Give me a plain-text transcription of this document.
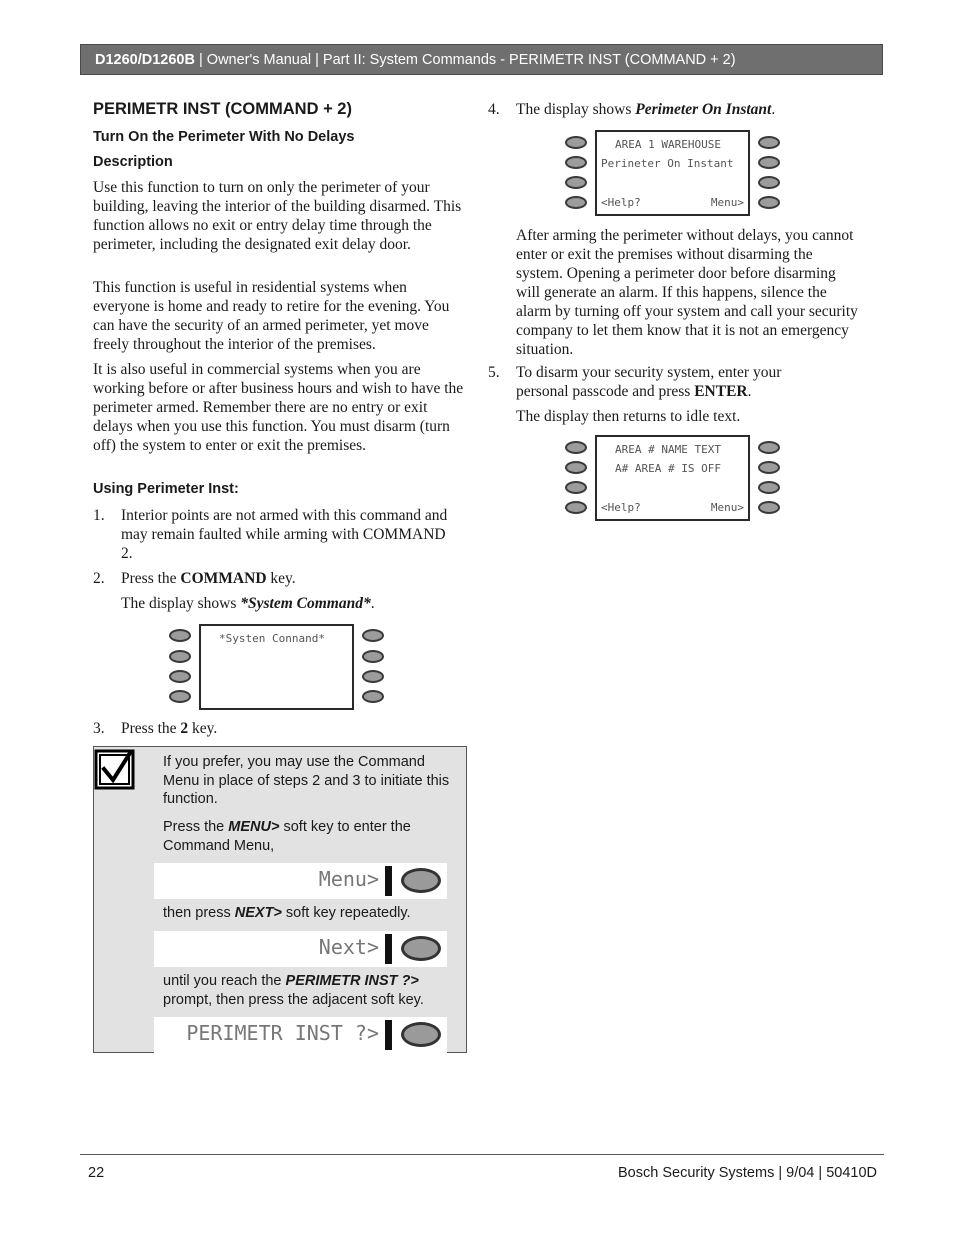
D1260/D1260B | Owner's Manual | Part II: System Commands - PERIMETR INST (COMMAND + 2)
PERIMETR INST (COMMAND + 2)
Turn On the Perimeter With No Delays
Description
Use this function to turn on only the perimeter of your building, leaving the interior of the building disarmed. This function allows no exit or entry delay time through the perimeter, including the designated exit delay door.
This function is useful in residential systems when everyone is home and ready to retire for the evening. You can have the security of an armed perimeter, yet move freely throughout the interior of the premises.
It is also useful in commercial systems when you are working before or after business hours and wish to have the perimeter armed. Remember there are no entry or exit delays when you use this function. You must disarm (turn off) the system to enter or exit the premises.
Using Perimeter Inst:
1. Interior points are not armed with this command and may remain faulted while arming with COMMAND 2.
2. Press the COMMAND key.
The display shows *System Command*.
*Systen Connand*
3. Press the 2 key.
If you prefer, you may use the Command Menu in place of steps 2 and 3 to initiate this function.
Press the MENU> soft key to enter the Command Menu,
Menu>
then press NEXT> soft key repeatedly.
Next>
until you reach the PERIMETR INST ?> prompt, then press the adjacent soft key.
PERIMETR INST ?>
4. The display shows Perimeter On Instant.
AREA 1 WAREHOUSE
Perineter On Instant
<Help?	Menu>
After arming the perimeter without delays, you cannot enter or exit the premises without disarming the system. Opening a perimeter door before disarming will generate an alarm. If this happens, silence the alarm by turning off your system and call your security company to let them know that it is not an emergency situation.
5. To disarm your security system, enter your personal passcode and press ENTER.
The display then returns to idle text.
AREA # NAME TEXT
A# AREA # IS OFF
<Help?	Menu>
22	Bosch Security Systems | 9/04 | 50410D
